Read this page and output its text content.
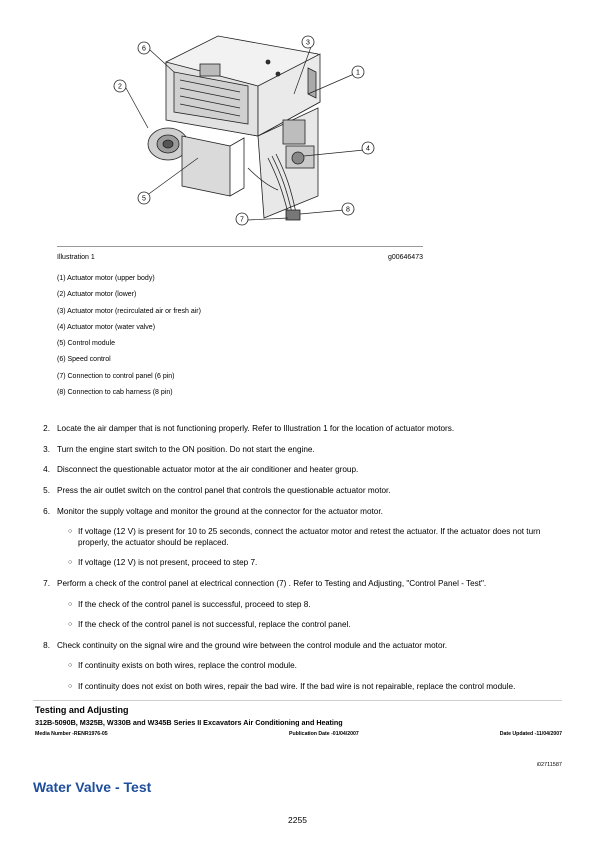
6
2
3
1
4
5
7
8
Illustration 1	g00646473
(1) Actuator motor (upper body)
(2) Actuator motor (lower)
(3) Actuator motor (recirculated air or fresh air)
(4) Actuator motor (water valve)
(5) Control module
(6) Speed control
(7) Connection to control panel (6 pin)
(8) Connection to cab harness (8 pin)
2. Locate the air damper that is not functioning properly. Refer to Illustration 1 for the location of actuator motors.
3. Turn the engine start switch to the ON position. Do not start the engine.
4. Disconnect the questionable actuator motor at the air conditioner and heater group.
5. Press the air outlet switch on the control panel that controls the questionable actuator motor.
6. Monitor the supply voltage and monitor the ground at the connector for the actuator motor.
○ If voltage (12 V) is present for 10 to 25 seconds, connect the actuator motor and retest the actuator. If the actuator does not turn properly, the actuator should be replaced.
○ If voltage (12 V) is not present, proceed to step 7.
7. Perform a check of the control panel at electrical connection (7) . Refer to Testing and Adjusting, "Control Panel - Test".
○ If the check of the control panel is successful, proceed to step 8.
○ If the check of the control panel is not successful, replace the control panel.
8. Check continuity on the signal wire and the ground wire between the control module and the actuator motor.
○ If continuity exists on both wires, replace the control module.
○ If continuity does not exist on both wires, repair the bad wire. If the bad wire is not repairable, replace the control module.
Testing and Adjusting
312B-5090B, M325B, W330B and W345B Series II Excavators Air Conditioning and Heating
Media Number -RENR1976-05	Publication Date -01/04/2007	Date Updated -11/04/2007
i02711587
Water Valve - Test
2255
